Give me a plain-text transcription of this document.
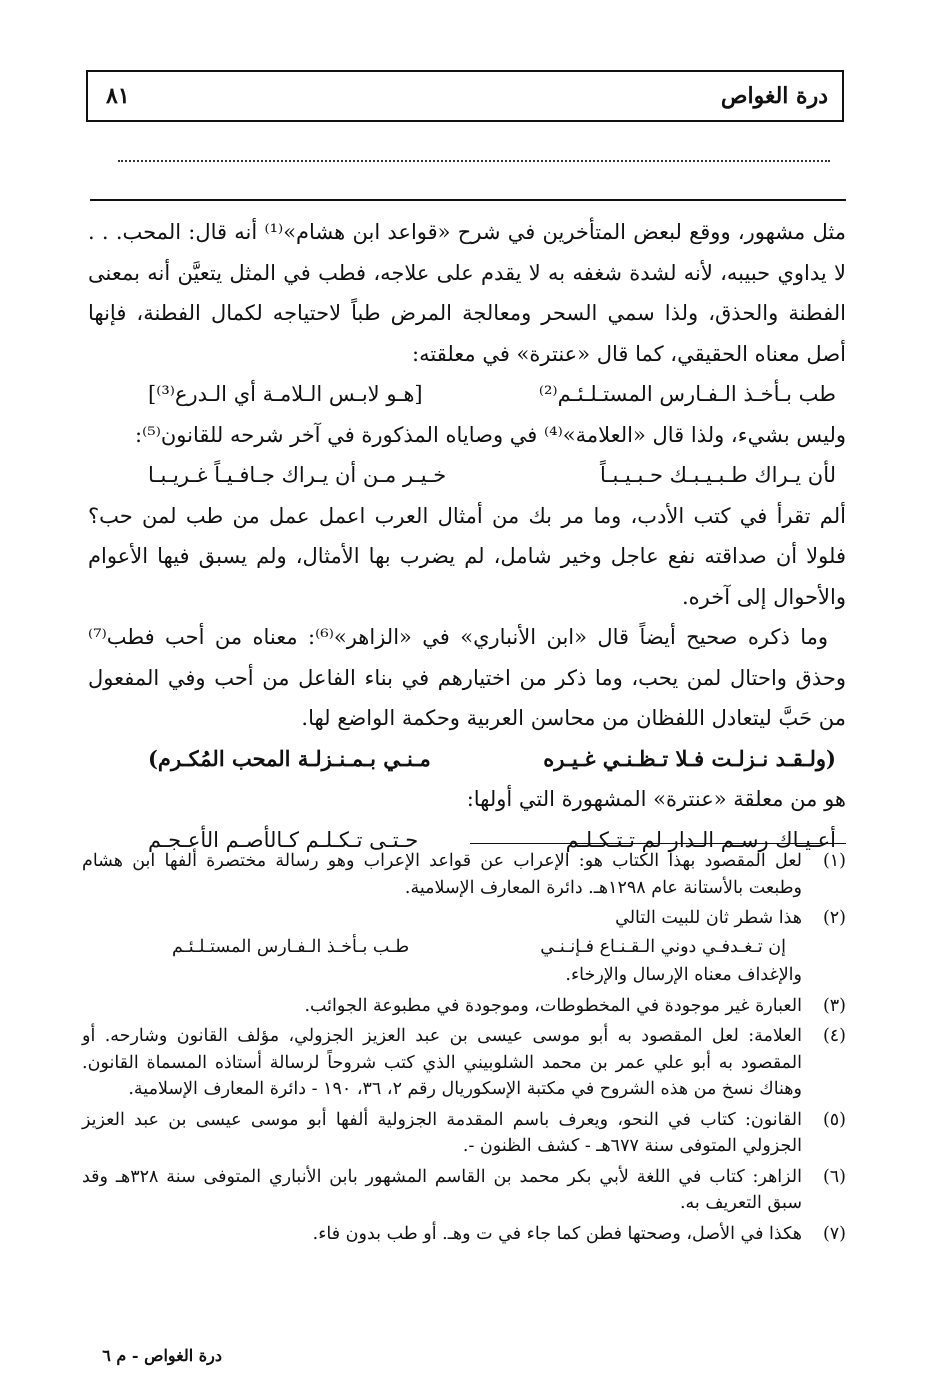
درة الغواص
٨١

مثل مشهور، ووقع لبعض المتأخرين في شرح «قواعد ابن هشام»⁽¹⁾ أنه قال: المحب. . . لا يداوي حبيبه، لأنه لشدة شغفه به لا يقدم على علاجه، فطب في المثل يتعيَّن أنه بمعنى الفطنة والحذق، ولذا سمي السحر ومعالجة المرض طباً لاحتياجه لكمال الفطنة، فإنها أصل معناه الحقيقي، كما قال «عنترة» في معلقته:

طب بـأخـذ الـفـارس المستـلـئـم⁽²⁾
[هـو لابـس الـلامـة أي الـدرع⁽³⁾]

وليس بشيء، ولذا قال «العلامة»⁽⁴⁾ في وصاياه المذكورة في آخر شرحه للقانون⁽⁵⁾:

لأن يـراك طـبـيـبـك حـبـيـبـاً
خـيـر مـن أن يـراك جـافـيـاً غـريـبـا

ألم تقرأ في كتب الأدب، وما مر بك من أمثال العرب اعمل عمل من طب لمن حب؟ فلولا أن صداقته نفع عاجل وخير شامل، لم يضرب بها الأمثال، ولم يسبق فيها الأعوام والأحوال إلى آخره.

وما ذكره صحيح أيضاً قال «ابن الأنباري» في «الزاهر»⁽⁶⁾: معناه من أحب فطب⁽⁷⁾ وحذق واحتال لمن يحب، وما ذكر من اختيارهم في بناء الفاعل من أحب وفي المفعول من حَبَّ ليتعادل اللفظان من محاسن العربية وحكمة الواضع لها.

(ولـقـد نـزلـت فـلا تـظـنـي غـيـره
مـنـي بـمـنـزلـة المحب المُكـرم)

هو من معلقة «عنترة» المشهورة التي أولها:

أعـيـاك رسـم الـدار لم تـتـكـلـم
حـتـى تـكـلـم كـالأصـم الأعـجـم
(١)

لعل المقصود بهذا الكتاب هو: الإعراب عن قواعد الإعراب وهو رسالة مختصرة ألفها ابن هشام وطبعت بالأستانة عام ١٢٩٨هـ. دائرة المعارف الإسلامية.

(٢)

هذا شطر ثان للبيت التالي

إن تـغـدفـي دوني الـقـنـاع فـإنـنـي
طـب بـأخـذ الـفـارس المستـلـئـم

والإغداف معناه الإرسال والإرخاء.

(٣)

العبارة غير موجودة في المخطوطات، وموجودة في مطبوعة الجوائب.

(٤)

العلامة: لعل المقصود به أبو موسى عيسى بن عبد العزيز الجزولي، مؤلف القانون وشارحه. أو المقصود به أبو علي عمر بن محمد الشلوبيني الذي كتب شروحاً لرسالة أستاذه المسماة القانون. وهناك نسخ من هذه الشروح في مكتبة الإسكوريال رقم ٢، ٣٦، ١٩٠ - دائرة المعارف الإسلامية.

(٥)

القانون: كتاب في النحو، ويعرف باسم المقدمة الجزولية ألفها أبو موسى عيسى بن عبد العزيز الجزولي المتوفى سنة ٦٧٧هـ - كشف الظنون -.

(٦)

الزاهر: كتاب في اللغة لأبي بكر محمد بن القاسم المشهور بابن الأنباري المتوفى سنة ٣٢٨هـ وقد سبق التعريف به.

(٧)

هكذا في الأصل، وصحتها فطن كما جاء في ت وهـ. أو طب بدون فاء.

درة الغواص - م ٦
